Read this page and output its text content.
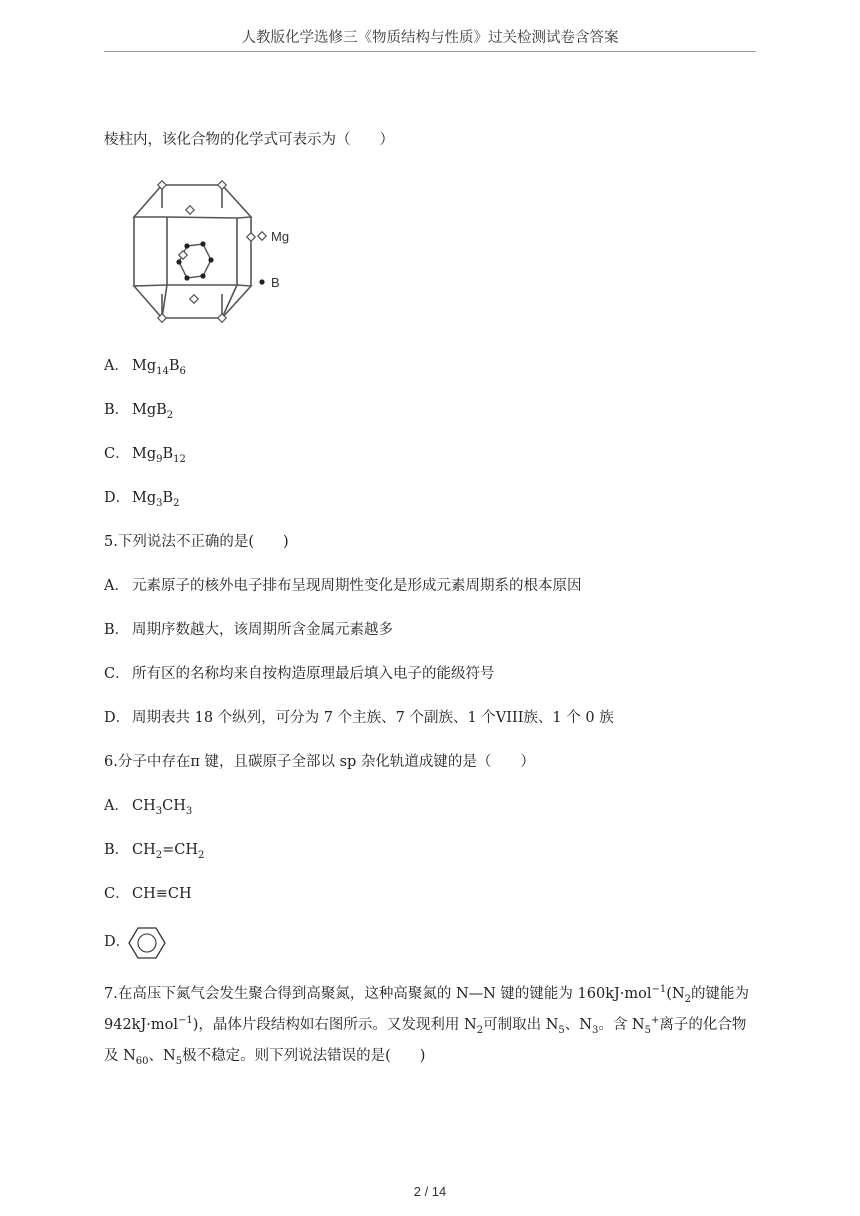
人教版化学选修三《物质结构与性质》过关检测试卷含答案
棱柱内，该化合物的化学式可表示为（　　）
Mg
B
A． $Mg_{14}B_6$
B． MgB$_2$
C． $Mg_9B_{12}$
D． $Mg_3B_2$
5.下列说法不正确的是(　　)
A． 元素原子的核外电子排布呈现周期性变化是形成元素周期系的根本原因
B． 周期序数越大，该周期所含金属元素越多
C． 所有区的名称均来自按构造原理最后填入电子的能级符号
D． 周期表共 18 个纵列，可分为 7 个主族、7 个副族、1 个VIII族、1 个 0 族
6.分子中存在π 键，且碳原子全部以 sp 杂化轨道成键的是（　　）
A． $CH_3CH_3$
B． $CH_2=CH_2$
C． CH≡CH
D．
7.在高压下氮气会发生聚合得到高聚氮，这种高聚氮的 N—N 键的键能为 $160kJ\cdot mol^{-1}(N_2$的键能为
942kJ·mol$^{-1}$)，晶体片段结构如右图所示。又发现利用 $N_2$可制取出 $N_5$、$N_3$。含 $N_5^+$离子的化合物
及 $N_{60}$、$N_5$极不稳定。则下列说法错误的是(　　)
2 / 14
